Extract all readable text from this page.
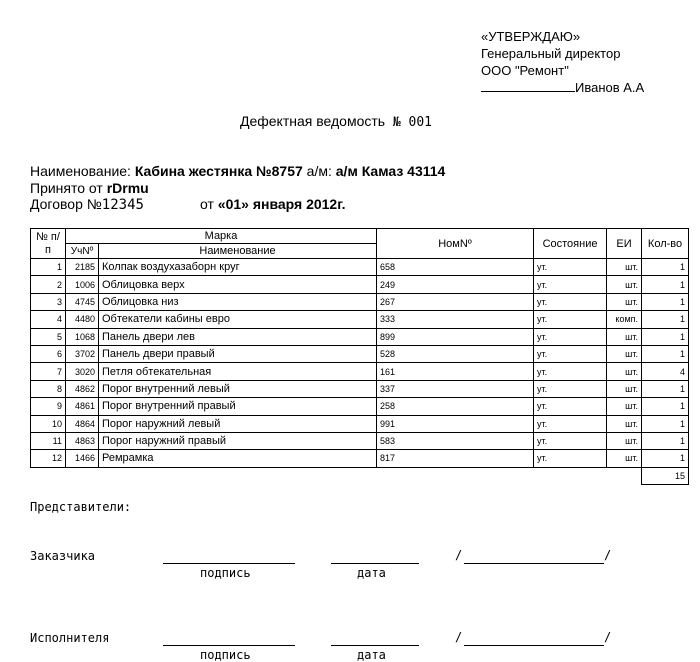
«УТВЕРЖДАЮ»
Генеральный директор
ООО "Ремонт"
Иванов А.А
Дефектная ведомость № 001
Наименование: Кабина жестянка №8757 а/м: а/м Камаз 43114
Принято от rDrmu
Договор №12345	от «01» января 2012г.
№ п/п	Марка		НомNº	Состояние	ЕИ	Кол-во
	УчNº	Наименование				
1	2185	Колпак воздухазаборн круг	658	ут.	шт.	1
2	1006	Облицовка верх	249	ут.	шт.	1
3	4745	Облицовка низ	267	ут.	шт.	1
4	4480	Обтекатели кабины евро	333	ут.	комп.	1
5	1068	Панель двери лев	899	ут.	шт.	1
6	3702	Панель двери правый	528	ут.	шт.	1
7	3020	Петля обтекательная	161	ут.	шт.	4
8	4862	Порог внутренний левый	337	ут.	шт.	1
9	4861	Порог внутренний правый	258	ут.	шт.	1
10	4864	Порог наружний левый	991	ут.	шт.	1
11	4863	Порог наружний правый	583	ут.	шт.	1
12	1466	Ремрамка	817	ут.	шт.	1
						15
Представители:
Заказчика	/	/
подпись	дата
Исполнителя	/	/
подпись	дата
